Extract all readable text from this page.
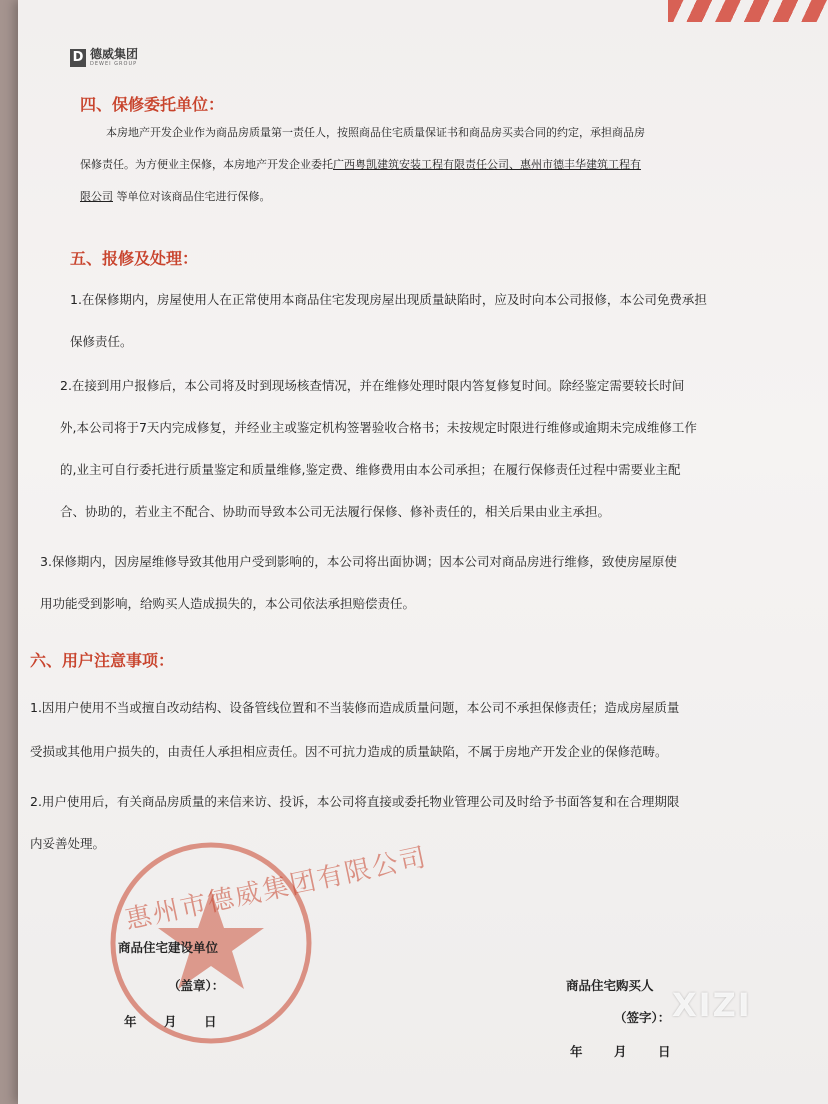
D 德威集团
DEWEI GROUP
四、保修委托单位：
本房地产开发企业作为商品房质量第一责任人，按照商品住宅质量保证书和商品房买卖合同的约定，承担商品房
保修责任。为方便业主保修，本房地产开发企业委托广西粤凯建筑安装工程有限责任公司、惠州市德丰华建筑工程有
限公司 等单位对该商品住宅进行保修。
五、报修及处理：
1.在保修期内，房屋使用人在正常使用本商品住宅发现房屋出现质量缺陷时，应及时向本公司报修，本公司免费承担
保修责任。
2.在接到用户报修后，本公司将及时到现场核查情况，并在维修处理时限内答复修复时间。除经鉴定需要较长时间
外,本公司将于7天内完成修复，并经业主或鉴定机构签署验收合格书；未按规定时限进行维修或逾期未完成维修工作
的,业主可自行委托进行质量鉴定和质量维修,鉴定费、维修费用由本公司承担；在履行保修责任过程中需要业主配
合、协助的，若业主不配合、协助而导致本公司无法履行保修、修补责任的，相关后果由业主承担。
3.保修期内，因房屋维修导致其他用户受到影响的，本公司将出面协调；因本公司对商品房进行维修，致使房屋原使
用功能受到影响，给购买人造成损失的，本公司依法承担赔偿责任。
六、用户注意事项：
1.因用户使用不当或擅自改动结构、设备管线位置和不当装修而造成质量问题，本公司不承担保修责任；造成房屋质量
受损或其他用户损失的，由责任人承担相应责任。因不可抗力造成的质量缺陷，不属于房地产开发企业的保修范畴。
2.用户使用后，有关商品房质量的来信来访、投诉，本公司将直接或委托物业管理公司及时给予书面答复和在合理期限
内妥善处理。 惠州市德威集团有限公司
商品住宅建设单位
（盖章）：
年 月 日
商品住宅购买人
（签字）：
年	月	日
XIZI
